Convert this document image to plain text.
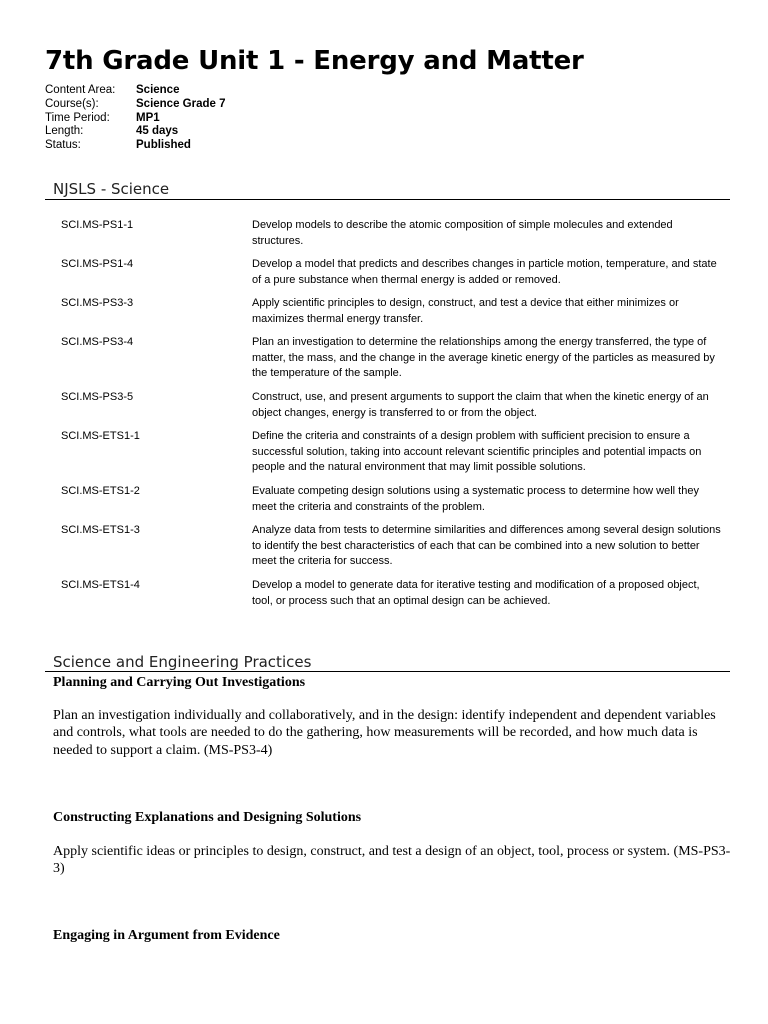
7th Grade Unit 1 - Energy and Matter
Content Area:	Science
Course(s):	Science Grade 7
Time Period:	MP1
Length:	45 days
Status:	Published
NJSLS - Science
SCI.MS-PS1-1	Develop models to describe the atomic composition of simple molecules and extended structures.
SCI.MS-PS1-4	Develop a model that predicts and describes changes in particle motion, temperature, and state of a pure substance when thermal energy is added or removed.
SCI.MS-PS3-3	Apply scientific principles to design, construct, and test a device that either minimizes or maximizes thermal energy transfer.
SCI.MS-PS3-4	Plan an investigation to determine the relationships among the energy transferred, the type of matter, the mass, and the change in the average kinetic energy of the particles as measured by the temperature of the sample.
SCI.MS-PS3-5	Construct, use, and present arguments to support the claim that when the kinetic energy of an object changes, energy is transferred to or from the object.
SCI.MS-ETS1-1	Define the criteria and constraints of a design problem with sufficient precision to ensure a successful solution, taking into account relevant scientific principles and potential impacts on people and the natural environment that may limit possible solutions.
SCI.MS-ETS1-2	Evaluate competing design solutions using a systematic process to determine how well they meet the criteria and constraints of the problem.
SCI.MS-ETS1-3	Analyze data from tests to determine similarities and differences among several design solutions to identify the best characteristics of each that can be combined into a new solution to better meet the criteria for success.
SCI.MS-ETS1-4	Develop a model to generate data for iterative testing and modification of a proposed object, tool, or process such that an optimal design can be achieved.
Science and Engineering Practices
Planning and Carrying Out Investigations
Plan an investigation individually and collaboratively, and in the design: identify independent and dependent variables and controls, what tools are needed to do the gathering, how measurements will be recorded, and how much data is needed to support a claim. (MS-PS3-4)
Constructing Explanations and Designing Solutions
Apply scientific ideas or principles to design, construct, and test a design of an object, tool, process or system. (MS-PS3-3)
Engaging in Argument from Evidence
